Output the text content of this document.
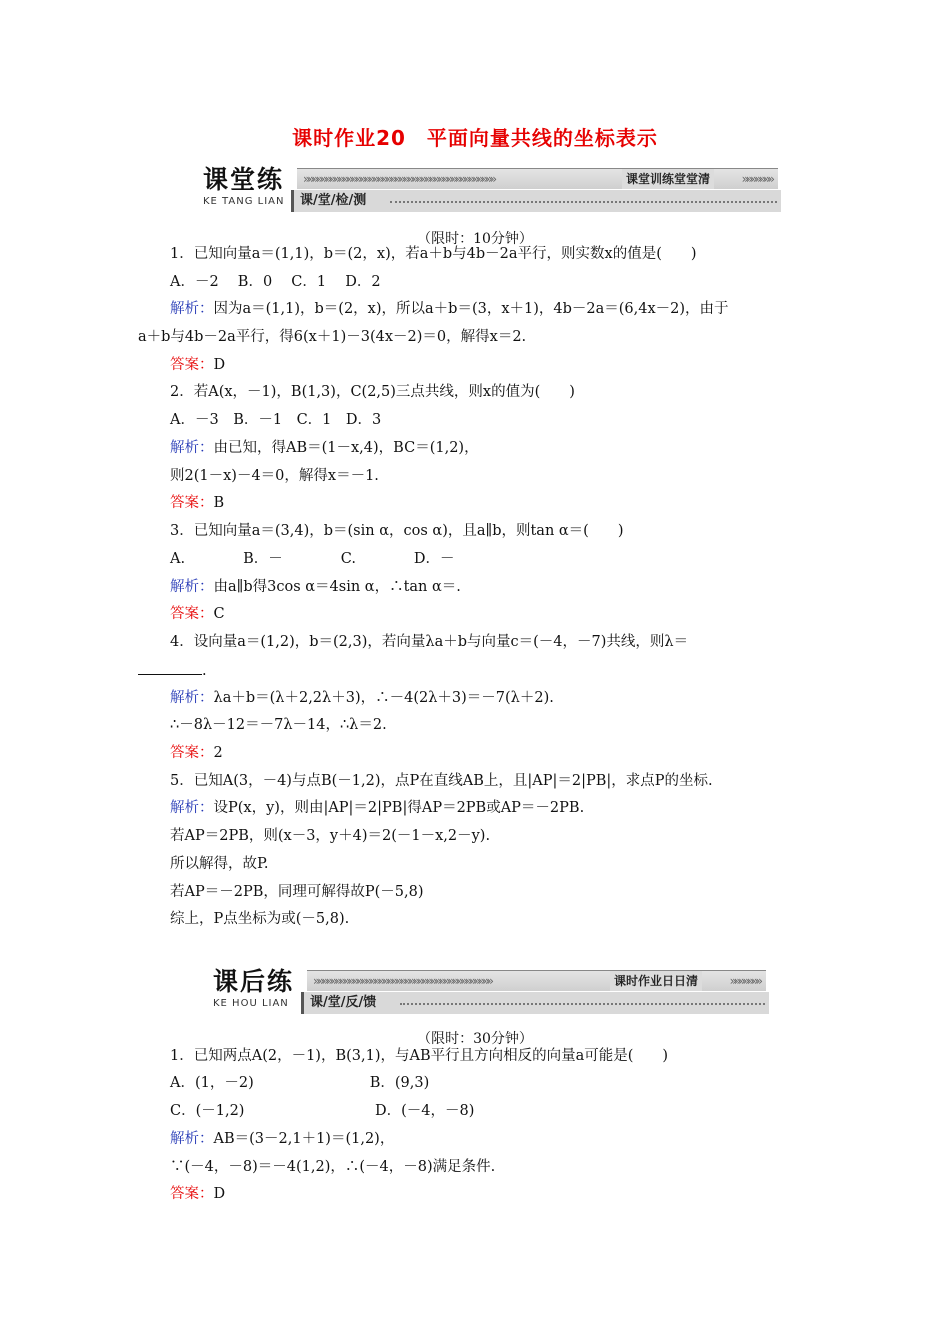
课时作业20　平面向量共线的坐标表示
课堂练
KE TANG LIAN
»»»»»»»»»»»»»»»»»»»»»»»»»»»»»»»»»»»»»»»»»»»»	课堂训练堂堂清	»»»»»»»
课/堂/检/测
（限时：10分钟）
课后练
KE HOU LIAN
»»»»»»»»»»»»»»»»»»»»»»»»»»»»»»»»»»»»»»»»»	课时作业日日清	»»»»»»»
课/堂/反/馈
（限时：30分钟）
1．已知向量a＝(1,1)，b＝(2，x)，若a＋b与4b－2a平行，则实数x的值是(　　)
A．－2　 B．0　 C．1　 D．2
解析：因为a＝(1,1)，b＝(2，x)，所以a＋b＝(3，x＋1)，4b－2a＝(6,4x－2)，由于
a＋b与4b－2a平行，得6(x＋1)－3(4x－2)＝0，解得x＝2.
答案：D
2．若A(x，－1)，B(1,3)，C(2,5)三点共线，则x的值为(　　)
A．－3　B．－1　C．1　D．3
解析：由已知，得AB＝(1－x,4)，BC＝(1,2)，
则2(1－x)－4＝0，解得x＝－1.
答案：B
3．已知向量a＝(3,4)，b＝(sin α，cos α)，且a∥b，则tan α＝(　　)
A.　　　　B．－　　　　C.　　　　D．－
解析：由a∥b得3cos α＝4sin α，∴tan α＝.
答案：C
4．设向量a＝(1,2)，b＝(2,3)，若向量λa＋b与向量c＝(－4，－7)共线，则λ＝
.
解析：λa＋b＝(λ＋2,2λ＋3)，∴－4(2λ＋3)＝－7(λ＋2).
∴－8λ－12＝－7λ－14，∴λ＝2.
答案：2
5．已知A(3，－4)与点B(－1,2)，点P在直线AB上，且|AP|＝2|PB|，求点P的坐标.
解析：设P(x，y)，则由|AP|＝2|PB|得AP＝2PB或AP＝－2PB.
若AP＝2PB，则(x－3，y＋4)＝2(－1－x,2－y).
所以解得，故P.
若AP＝－2PB，同理可解得故P(－5,8)
综上，P点坐标为或(－5,8).
1．已知两点A(2，－1)，B(3,1)，与AB平行且方向相反的向量a可能是(　　)
A．(1，－2)　　　　　　　　B．(9,3)
C．(－1,2)　　　　　　　　　D．(－4，－8)
解析：AB＝(3－2,1＋1)＝(1,2)，
∵(－4，－8)＝－4(1,2)，∴(－4，－8)满足条件.
答案：D
